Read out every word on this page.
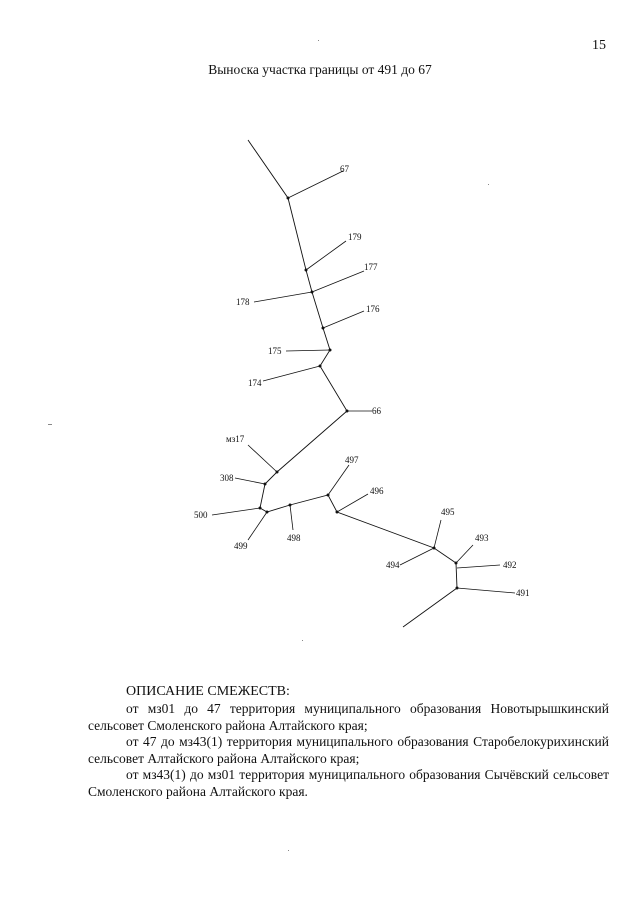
15
Выноска участка границы от 491 до 67
67
179
177
178
176
175
174
66
мз17
497
308
496
500	495
499
498	493
494	492
491
ОПИСАНИЕ СМЕЖЕСТВ:

от мз01 до 47 территория муниципального образования Новотырышкинский сельсовет Смоленского района Алтайского края;

от 47 до мз43(1) территория муниципального образования Старобелокурихинский сельсовет Алтайского района Алтайского края;

от мз43(1) до мз01 территория муниципального образования Сычёвский сельсовет Смоленского района Алтайского края.
